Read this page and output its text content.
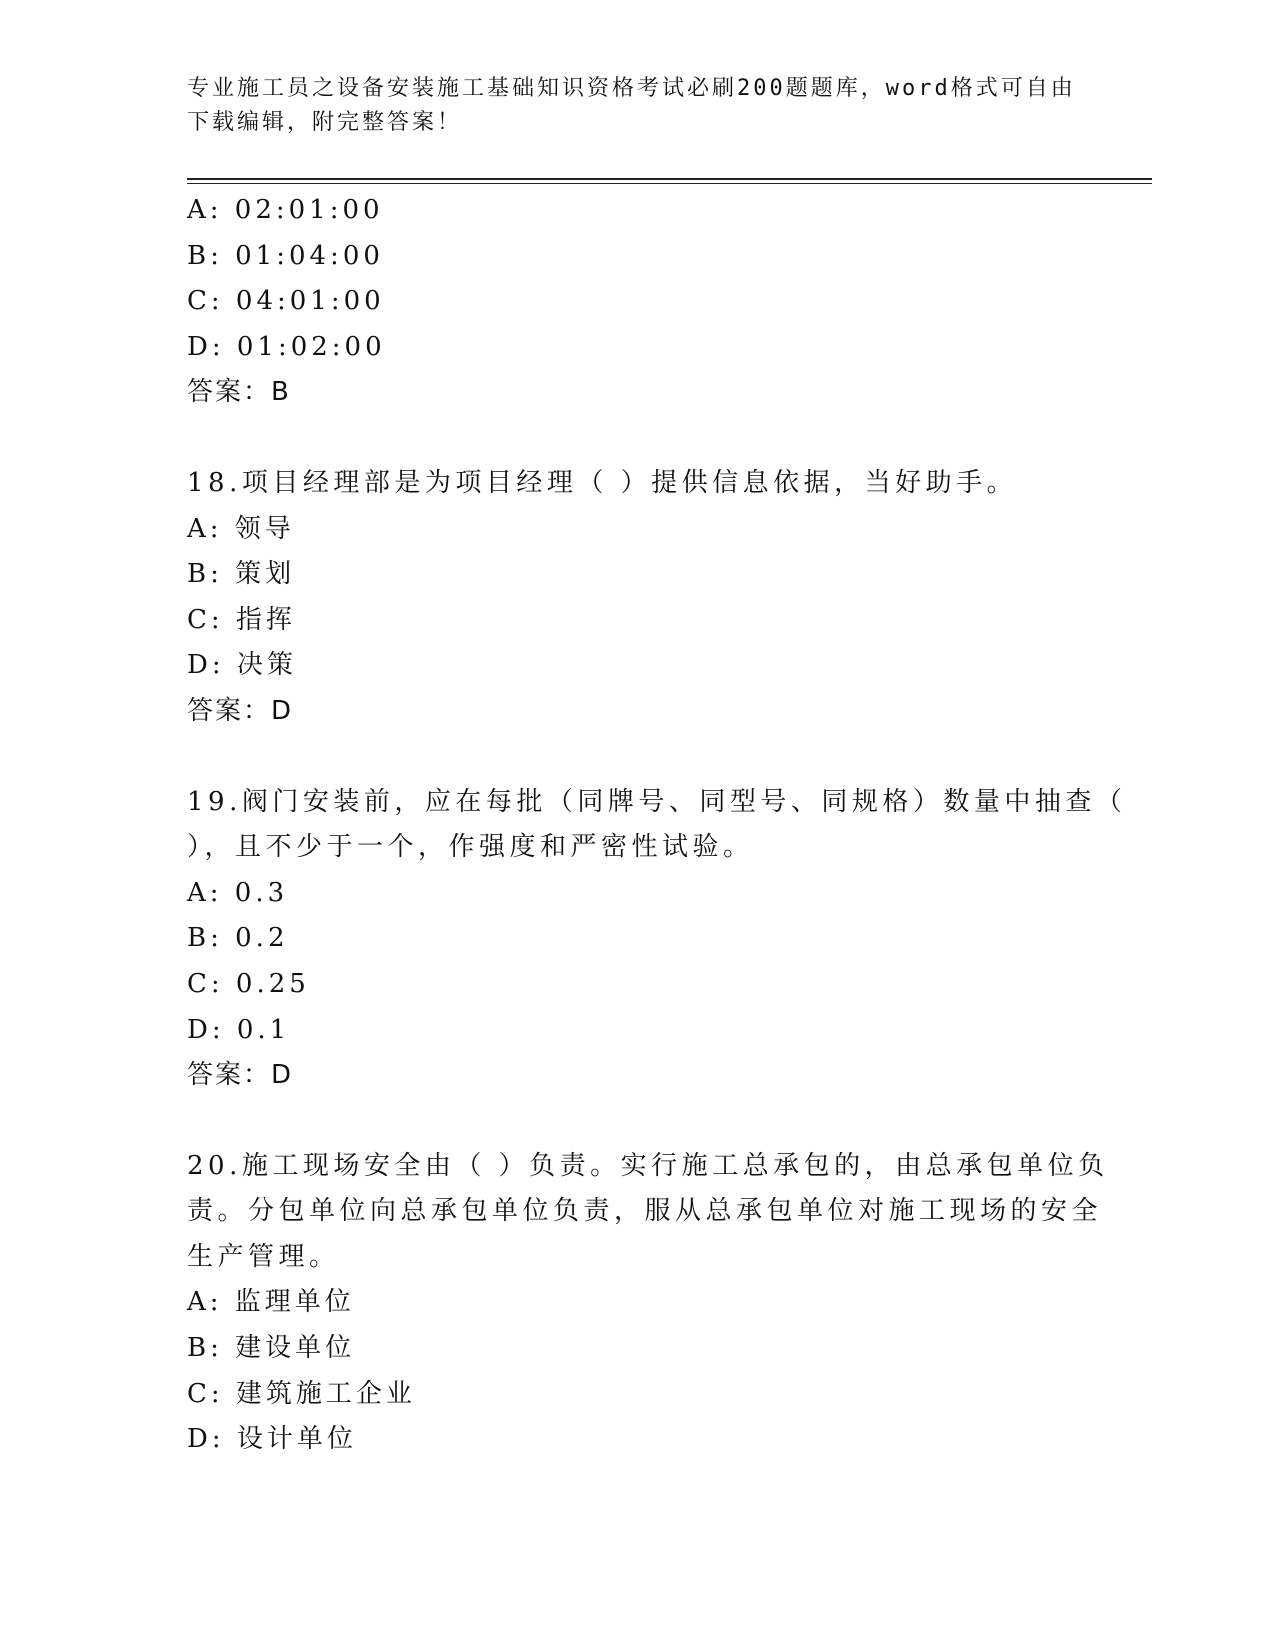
专业施工员之设备安装施工基础知识资格考试必刷200题题库，word格式可自由
下载编辑，附完整答案！
A: 02:01:00
B: 01:04:00
C: 04:01:00
D: 01:02:00
答案：B
18.项目经理部是为项目经理（ ）提供信息依据，当好助手。
A: 领导
B: 策划
C: 指挥
D: 决策
答案：D
19.阀门安装前，应在每批（同牌号、同型号、同规格）数量中抽查（
），且不少于一个，作强度和严密性试验。
A: 0.3
B: 0.2
C: 0.25
D: 0.1
答案：D
20.施工现场安全由（ ）负责。实行施工总承包的，由总承包单位负
责。分包单位向总承包单位负责，服从总承包单位对施工现场的安全
生产管理。
A: 监理单位
B: 建设单位
C: 建筑施工企业
D: 设计单位
